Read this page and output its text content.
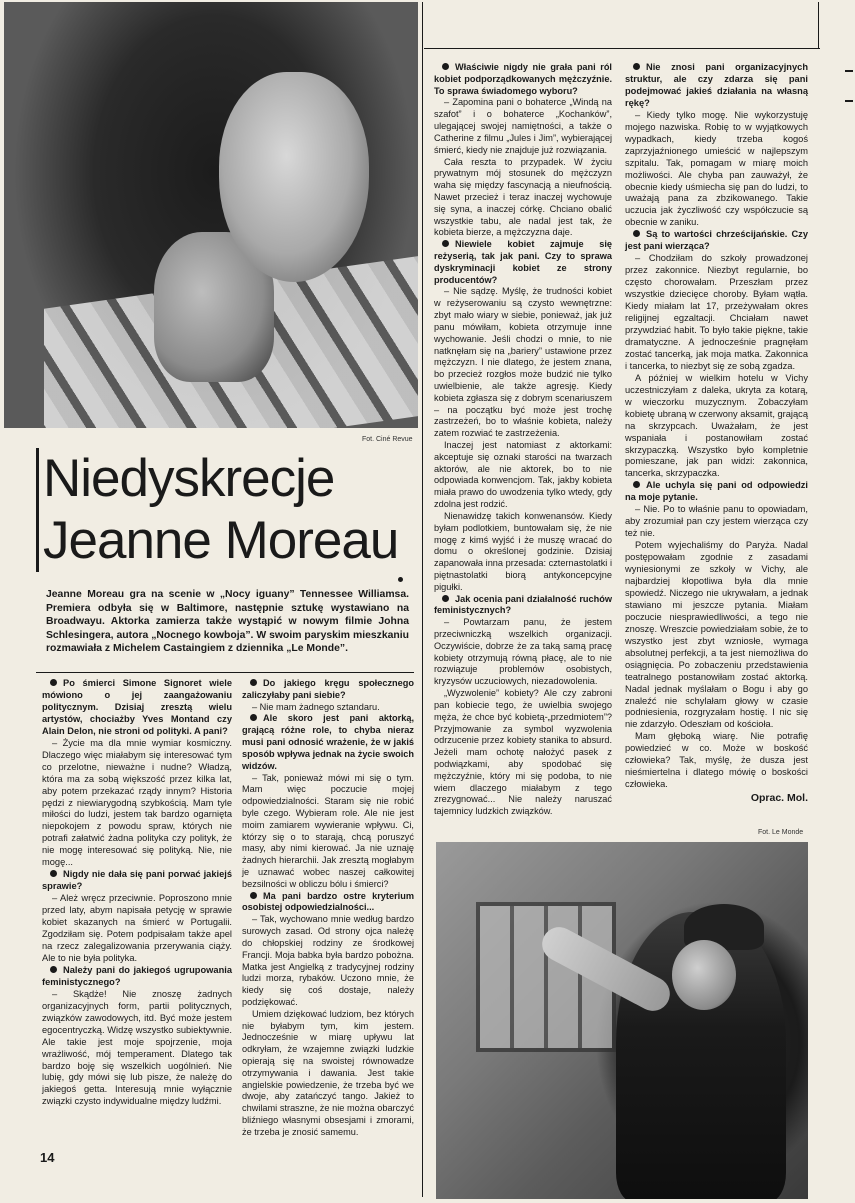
Fot. Ciné Revue
Niedyskrecje
Jeanne Moreau
Jeanne Moreau gra na scenie w „Nocy iguany” Tennessee Williamsa. Premiera odbyła się w Baltimore, następnie sztukę wystawiano na Broadwayu. Aktorka zamierza także wystąpić w nowym filmie Johna Schlesingera, autora „Nocnego kowboja”. W swoim paryskim mieszkaniu rozmawiała z Michelem Castaingiem z dziennika „Le Monde”.

Po śmierci Simone Signoret wiele mówiono o jej zaangażowaniu politycznym. Dzisiaj zresztą wielu artystów, chociażby Yves Montand czy Alain Delon, nie stroni od polityki. A pani?

– Życie ma dla mnie wymiar kosmiczny. Dlaczego więc miałabym się interesować tym co przelotne, nieważne i nudne? Władzą, która ma za sobą większość przez kilka lat, aby potem przekazać rządy innym? Historia pędzi z niewiarygodną szybkością. Mam tyle miłości do ludzi, jestem tak bardzo ogarnięta niepokojem z powodu spraw, których nie potrafi załatwić żadna polityka czy polityk, że nie mogę interesować się polityką. Nie, nie mogę...

Nigdy nie dała się pani porwać jakiejś sprawie?

– Ależ wręcz przeciwnie. Poproszono mnie przed laty, abym napisała petycję w sprawie kobiet skazanych na śmierć w Portugalii. Zgodziłam się. Potem podpisałam także apel na rzecz zalegalizowania przerywania ciąży. Ale to nie była polityka.

Należy pani do jakiegoś ugrupowania feministycznego?

– Skądże! Nie znoszę żadnych organizacyjnych form, partii politycznych, związków zawodowych, itd. Być może jestem egocentryczką. Widzę wszystko subiektywnie. Ale takie jest moje spojrzenie, moja wrażliwość, mój temperament. Dlatego tak bardzo boję się wszelkich uogólnień. Nie lubię, gdy mówi się lub pisze, że należę do jakiegoś getta. Interesują mnie wyłącznie związki czysto indywidualne między ludźmi.

Do jakiego kręgu społecznego zaliczyłaby pani siebie?

– Nie mam żadnego sztandaru.

Ale skoro jest pani aktorką, grającą różne role, to chyba nieraz musi pani odnosić wrażenie, że w jakiś sposób wpływa jednak na życie swoich widzów.

– Tak, ponieważ mówi mi się o tym. Mam więc poczucie mojej odpowiedzialności. Staram się nie robić byle czego. Wybieram role. Ale nie jest moim zamiarem wywieranie wpływu. Ci, którzy się o to starają, chcą poruszyć masy, aby nimi kierować. Ja nie uznaję żadnych hierarchii. Jak zresztą mogłabym je uznawać wobec naszej całkowitej bezsilności w obliczu bólu i śmierci?

Ma pani bardzo ostre kryterium osobistej odpowiedzialności...

– Tak, wychowano mnie według bardzo surowych zasad. Od strony ojca należę do chłopskiej rodziny ze środkowej Francji. Moja babka była bardzo pobożna. Matka jest Angielką z tradycyjnej rodziny ludzi morza, rybaków. Uczono mnie, że kiedy się coś dostaje, należy podziękować.

Umiem dziękować ludziom, bez których nie byłabym tym, kim jestem. Jednocześnie w miarę upływu lat odkryłam, że wzajemne związki ludzkie opierają się na swoistej równowadze otrzymywania i dawania. Jest takie angielskie powiedzenie, że trzeba być we dwoje, aby zatańczyć tango. Jakież to chwilami straszne, że nie można obarczyć bliźniego własnymi obsesjami i zmorami, że trzeba je znosić samemu.

Właściwie nigdy nie grała pani ról kobiet podporządkowanych mężczyźnie. To sprawa świadomego wyboru?

– Zapomina pani o bohaterce „Windą na szafot” i o bohaterce „Kochanków”, ulegającej swojej namiętności, a także o Catherine z filmu „Jules i Jim”, wybierającej śmierć, kiedy nie znajduje już rozwiązania.

Cała reszta to przypadek. W życiu prywatnym mój stosunek do mężczyzn waha się między fascynacją a nieufnością. Nawet przecież i teraz inaczej wychowuje się syna, a inaczej córkę. Chciano obalić wszystkie tabu, ale nadal jest tak, że kobieta bierze, a mężczyzna daje.

Niewiele kobiet zajmuje się reżyserią, tak jak pani. Czy to sprawa dyskryminacji kobiet ze strony producentów?

– Nie sądzę. Myślę, że trudności kobiet w reżyserowaniu są czysto wewnętrzne: zbyt mało wiary w siebie, ponieważ, jak już panu mówiłam, kobieta otrzymuje inne wychowanie. Jeśli chodzi o mnie, to nie natknęłam się na „bariery” ustawione przez mężczyzn. I nie dlatego, że jestem znana, bo przecież rozgłos może budzić nie tylko uwielbienie, ale także agresję. Kiedy kobieta zgłasza się z dobrym scenariuszem – na początku być może jest trochę zastrzeżeń, bo to właśnie kobieta, należy zatem rozwiać te zastrzeżenia.

Inaczej jest natomiast z aktorkami: akceptuje się oznaki starości na twarzach aktorów, ale nie aktorek, bo to nie odpowiada konwencjom. Tak, jakby kobieta miała prawo do uwodzenia tylko wtedy, gdy zdolna jest rodzić.

Nienawidzę takich konwenansów. Kiedy byłam podlotkiem, buntowałam się, że nie mogę z kimś wyjść i że muszę wracać do domu o określonej godzinie. Dzisiaj zapanowała inna przesada: czternastolatki i piętnastolatki biorą antykoncepcyjne pigułki.

Jak ocenia pani działalność ruchów feministycznych?

– Powtarzam panu, że jestem przeciwniczką wszelkich organizacji. Oczywiście, dobrze że za taką samą pracę kobiety otrzymują równą płacę, ale to nie rozwiązuje problemów osobistych, kryzysów uczuciowych, niezadowolenia.

„Wyzwolenie” kobiety? Ale czy zabroni pan kobiecie tego, że uwielbia swojego męża, że chce być kobietą-„przedmiotem”? Przyjmowanie za symbol wyzwolenia odrzucenie przez kobiety stanika to absurd. Jeżeli mam ochotę nałożyć pasek z podwiązkami, aby spodobać się mężczyźnie, który mi się podoba, to nie wiem dlaczego miałabym z tego zrezygnować... Nie należy naruszać tajemnicy ludzkich związków.

Nie znosi pani organizacyjnych struktur, ale czy zdarza się pani podejmować jakieś działania na własną rękę?

– Kiedy tylko mogę. Nie wykorzystuję mojego nazwiska. Robię to w wyjątkowych wypadkach, kiedy trzeba kogoś zaprzyjaźnionego umieścić w najlepszym szpitalu. Tak, pomagam w miarę moich możliwości. Ale chyba pan zauważył, że obecnie kiedy uśmiecha się pan do ludzi, to uważają pana za zbzikowanego. Takie uczucia jak życzliwość czy współczucie są obecnie w zaniku.

Są to wartości chrześcijańskie. Czy jest pani wierząca?

– Chodziłam do szkoły prowadzonej przez zakonnice. Niezbyt regularnie, bo często chorowałam. Przeszłam przez wszystkie dziecięce choroby. Byłam wątła. Kiedy miałam lat 17, przeżywałam okres religijnej egzaltacji. Chciałam nawet przywdziać habit. To było takie piękne, takie dramatyczne. A jednocześnie pragnęłam zostać tancerką, jak moja matka. Zakonnica i tancerka, to niezbyt się ze sobą zgadza.

A później w wielkim hotelu w Vichy uczestniczyłam z daleka, ukryta za kotarą, w wieczorku muzycznym. Zobaczyłam kobietę ubraną w czerwony aksamit, grającą na skrzypcach. Uważałam, że jest wspaniała i postanowiłam zostać skrzypaczką. Wszystko było kompletnie pomieszane, jak pan widzi: zakonnica, tancerka, skrzypaczka.

Ale uchyla się pani od odpowiedzi na moje pytanie.

– Nie. Po to właśnie panu to opowiadam, aby zrozumiał pan czy jestem wierząca czy też nie.

Potem wyjechaliśmy do Paryża. Nadal postępowałam zgodnie z zasadami wyniesionymi ze szkoły w Vichy, ale najbardziej kłopotliwa była dla mnie spowiedź. Niczego nie ukrywałam, a jednak stawiano mi jeszcze pytania. Miałam poczucie niesprawiedliwości, a tego nie znoszę. Wreszcie powiedziałam sobie, że to wszystko jest zbyt wzniosłe, wymaga absolutnej perfekcji, a ta jest niemożliwa do osiągnięcia. Po zobaczeniu przedstawienia teatralnego postanowiłam zostać aktorką. Nadal jednak myślałam o Bogu i aby go znaleźć nie schylałam głowy w czasie podniesienia, rozgryzałam hostię. I nic się nie zdarzyło. Odeszłam od kościoła.

Mam głęboką wiarę. Nie potrafię powiedzieć w co. Może w boskość człowieka? Tak, myślę, że dusza jest nieśmiertelna i dlatego mówię o boskości człowieka.

Oprac. Mol.

Fot. Le Monde
14
